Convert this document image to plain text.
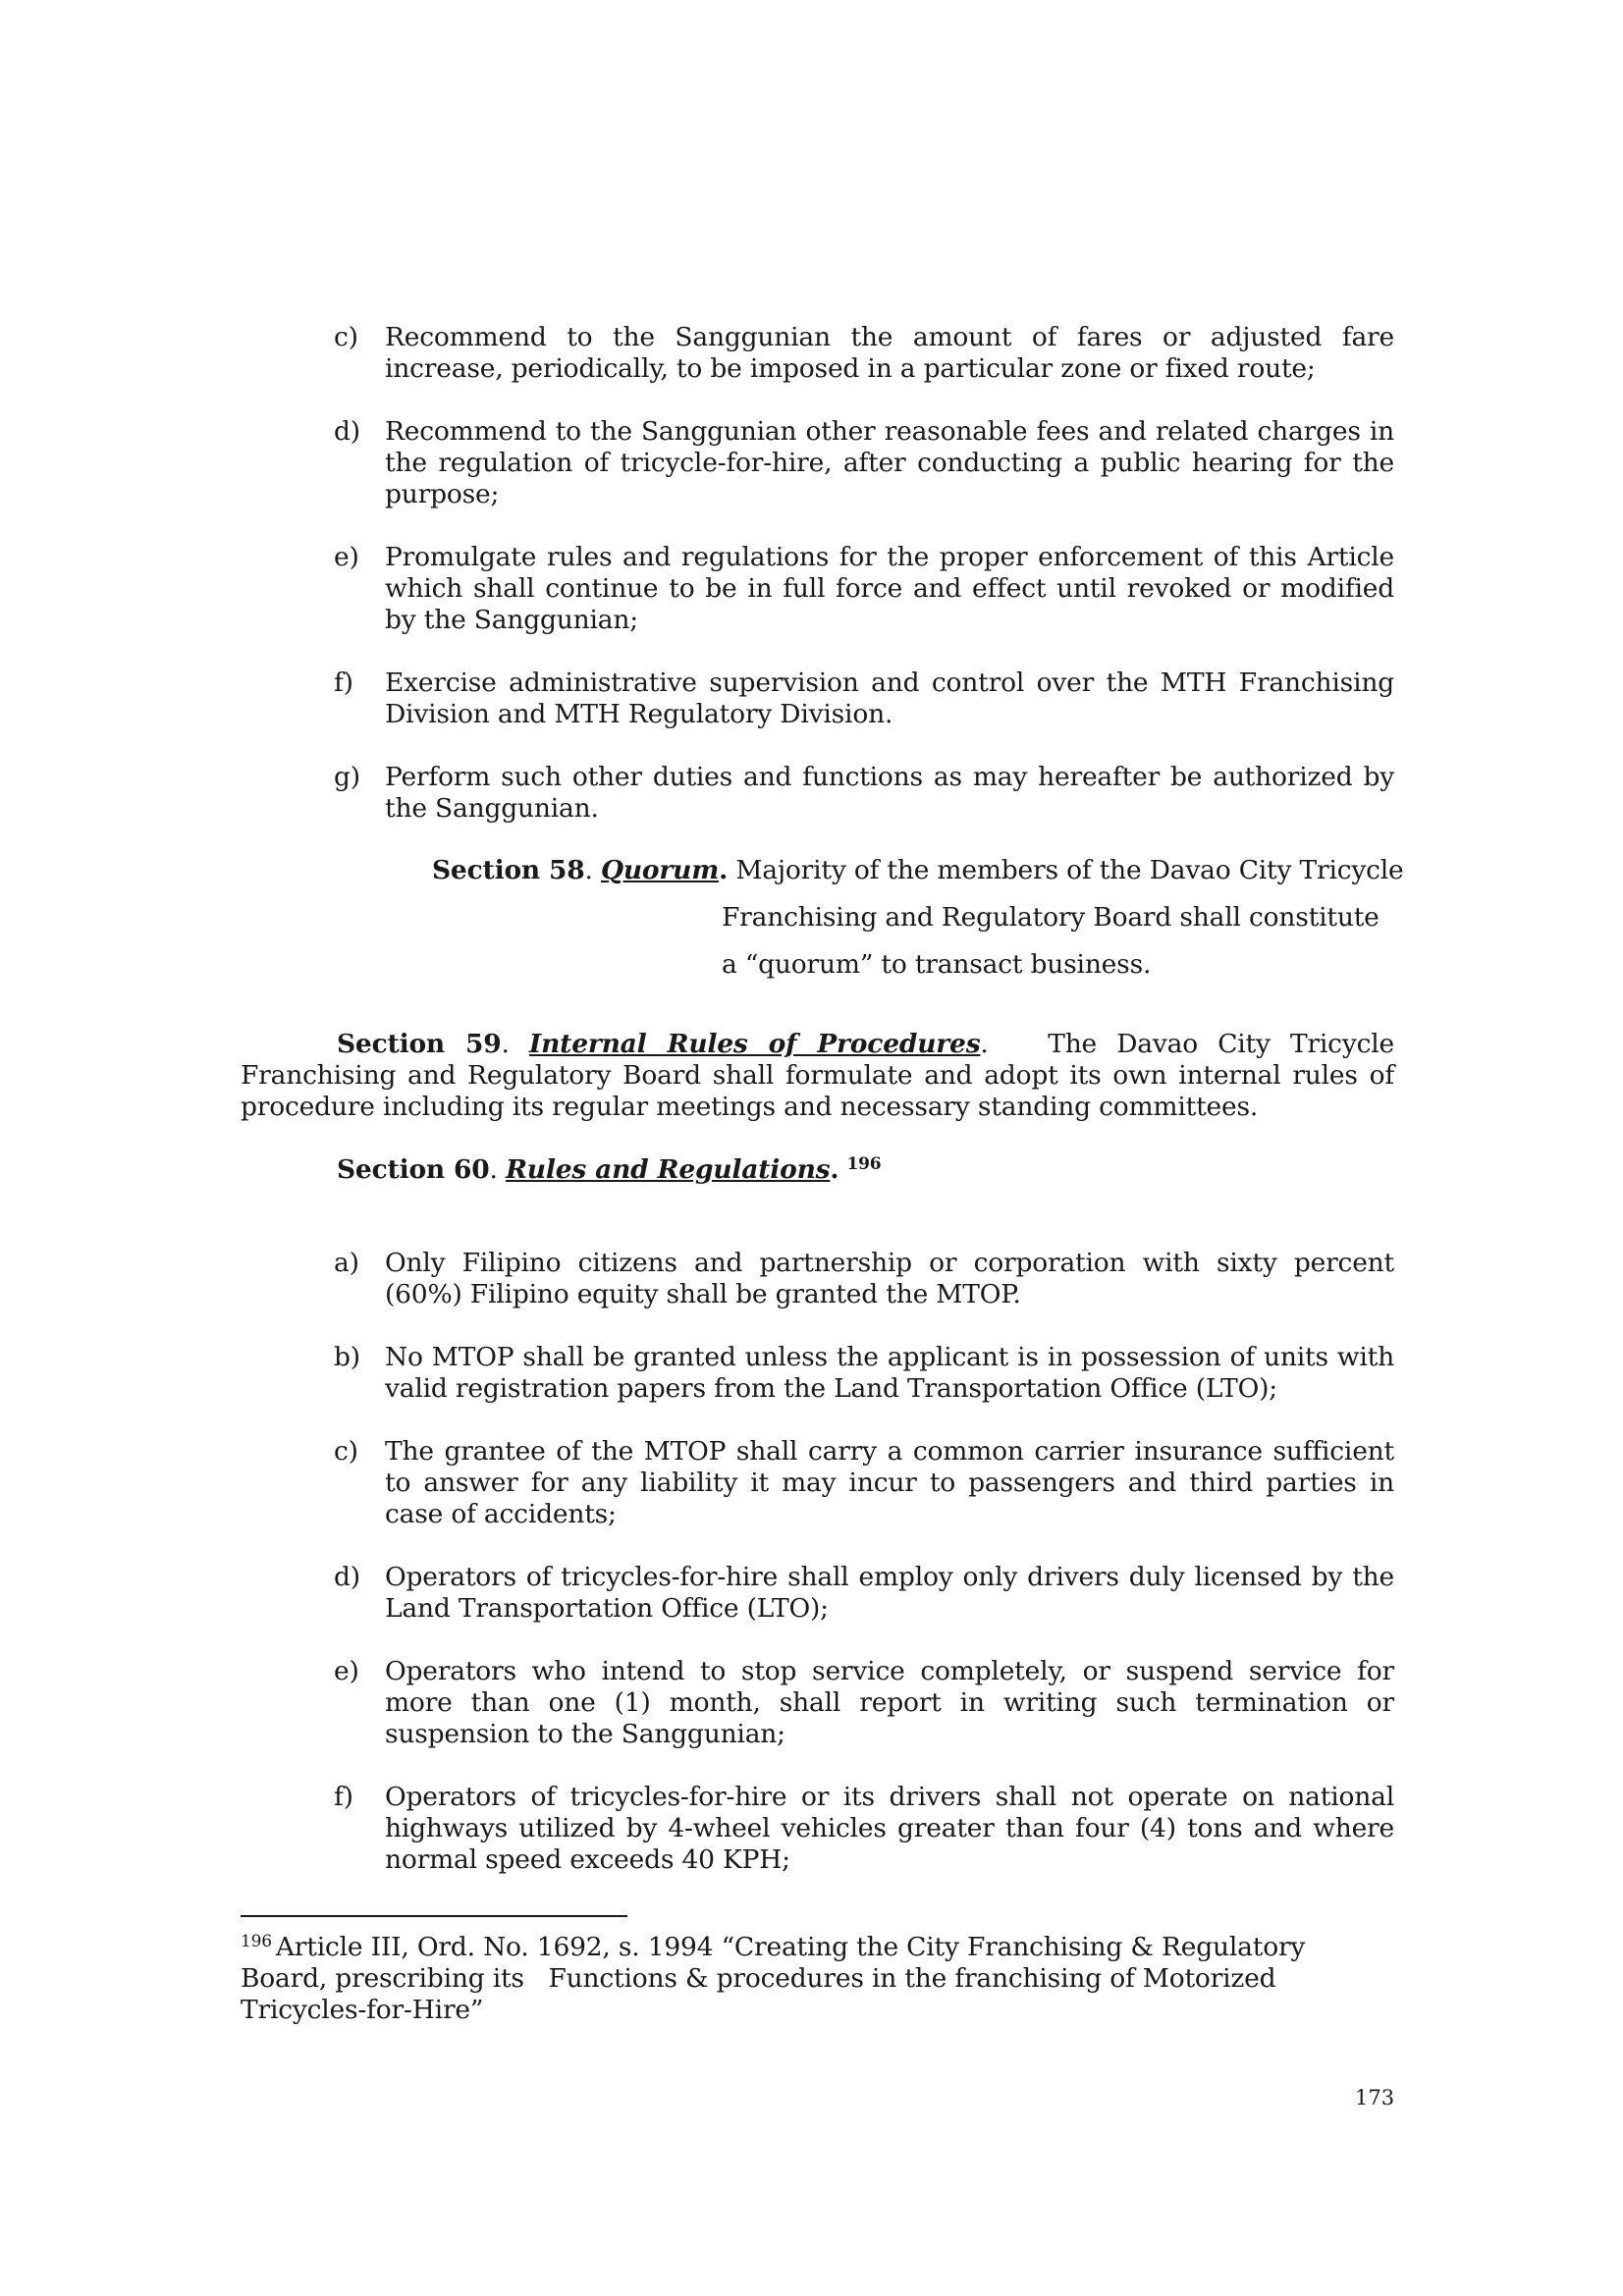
c) Recommend to the Sanggunian the amount of fares or adjusted fare increase, periodically, to be imposed in a particular zone or fixed route;
d) Recommend to the Sanggunian other reasonable fees and related charges in the regulation of tricycle-for-hire, after conducting a public hearing for the purpose;
e) Promulgate rules and regulations for the proper enforcement of this Article which shall continue to be in full force and effect until revoked or modified by the Sanggunian;
f) Exercise administrative supervision and control over the MTH Franchising Division and MTH Regulatory Division.
g) Perform such other duties and functions as may hereafter be authorized by the Sanggunian.
Section 58. Quorum. Majority of the members of the Davao City Tricycle
Franchising and Regulatory Board shall constitute
a “quorum” to transact business.
Section 59. Internal Rules of Procedures.   The Davao City Tricycle Franchising and Regulatory Board shall formulate and adopt its own internal rules of procedure including its regular meetings and necessary standing committees.
Section 60. Rules and Regulations. $^{196}$
a) Only Filipino citizens and partnership or corporation with sixty percent (60%) Filipino equity shall be granted the MTOP.
b) No MTOP shall be granted unless the applicant is in possession of units with valid registration papers from the Land Transportation Office (LTO);
c) The grantee of the MTOP shall carry a common carrier insurance sufficient to answer for any liability it may incur to passengers and third parties in case of accidents;
d) Operators of tricycles-for-hire shall employ only drivers duly licensed by the Land Transportation Office (LTO);
e) Operators who intend to stop service completely, or suspend service for more than one (1) month, shall report in writing such termination or suspension to the Sanggunian;
f) Operators of tricycles-for-hire or its drivers shall not operate on national highways utilized by 4-wheel vehicles greater than four (4) tons and where normal speed exceeds 40 KPH;
$^{196}$ Article III, Ord. No. 1692, s. 1994 “Creating the City Franchising & Regulatory
Board, prescribing its   Functions & procedures in the franchising of Motorized
Tricycles-for-Hire”
173
